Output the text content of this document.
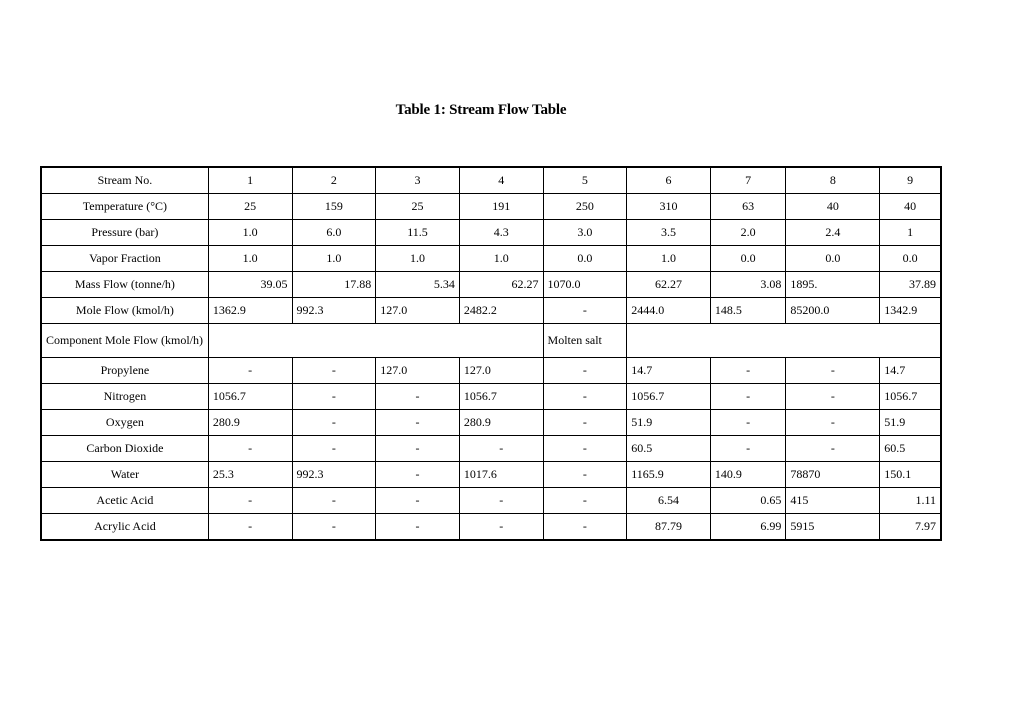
Table 1: Stream Flow Table
Stream No.	1	2	3	4	5	6	7	8	9
Temperature (°C)	25	159	25	191	250	310	63	40	40
Pressure (bar)	1.0	6.0	11.5	4.3	3.0	3.5	2.0	2.4	1
Vapor Fraction	1.0	1.0	1.0	1.0	0.0	1.0	0.0	0.0	0.0
Mass Flow (tonne/h)	39.05	17.88	5.34	62.27	1070.0	62.27	3.08	1895.	37.89
Mole Flow (kmol/h)	1362.9	992.3	127.0	2482.2	-	2444.0	148.5	85200.0	1342.9
Component Mole Flow (kmol/h)					Molten salt				
Propylene	-	-	127.0	127.0	-	14.7	-	-	14.7
Nitrogen	1056.7	-	-	1056.7	-	1056.7	-	-	1056.7
Oxygen	280.9	-	-	280.9	-	51.9	-	-	51.9
Carbon Dioxide	-	-	-	-	-	60.5	-	-	60.5
Water	25.3	992.3	-	1017.6	-	1165.9	140.9	78870	150.1
Acetic Acid	-	-	-	-	-	6.54	0.65	415	1.11
Acrylic Acid	-	-	-	-	-	87.79	6.99	5915	7.97
